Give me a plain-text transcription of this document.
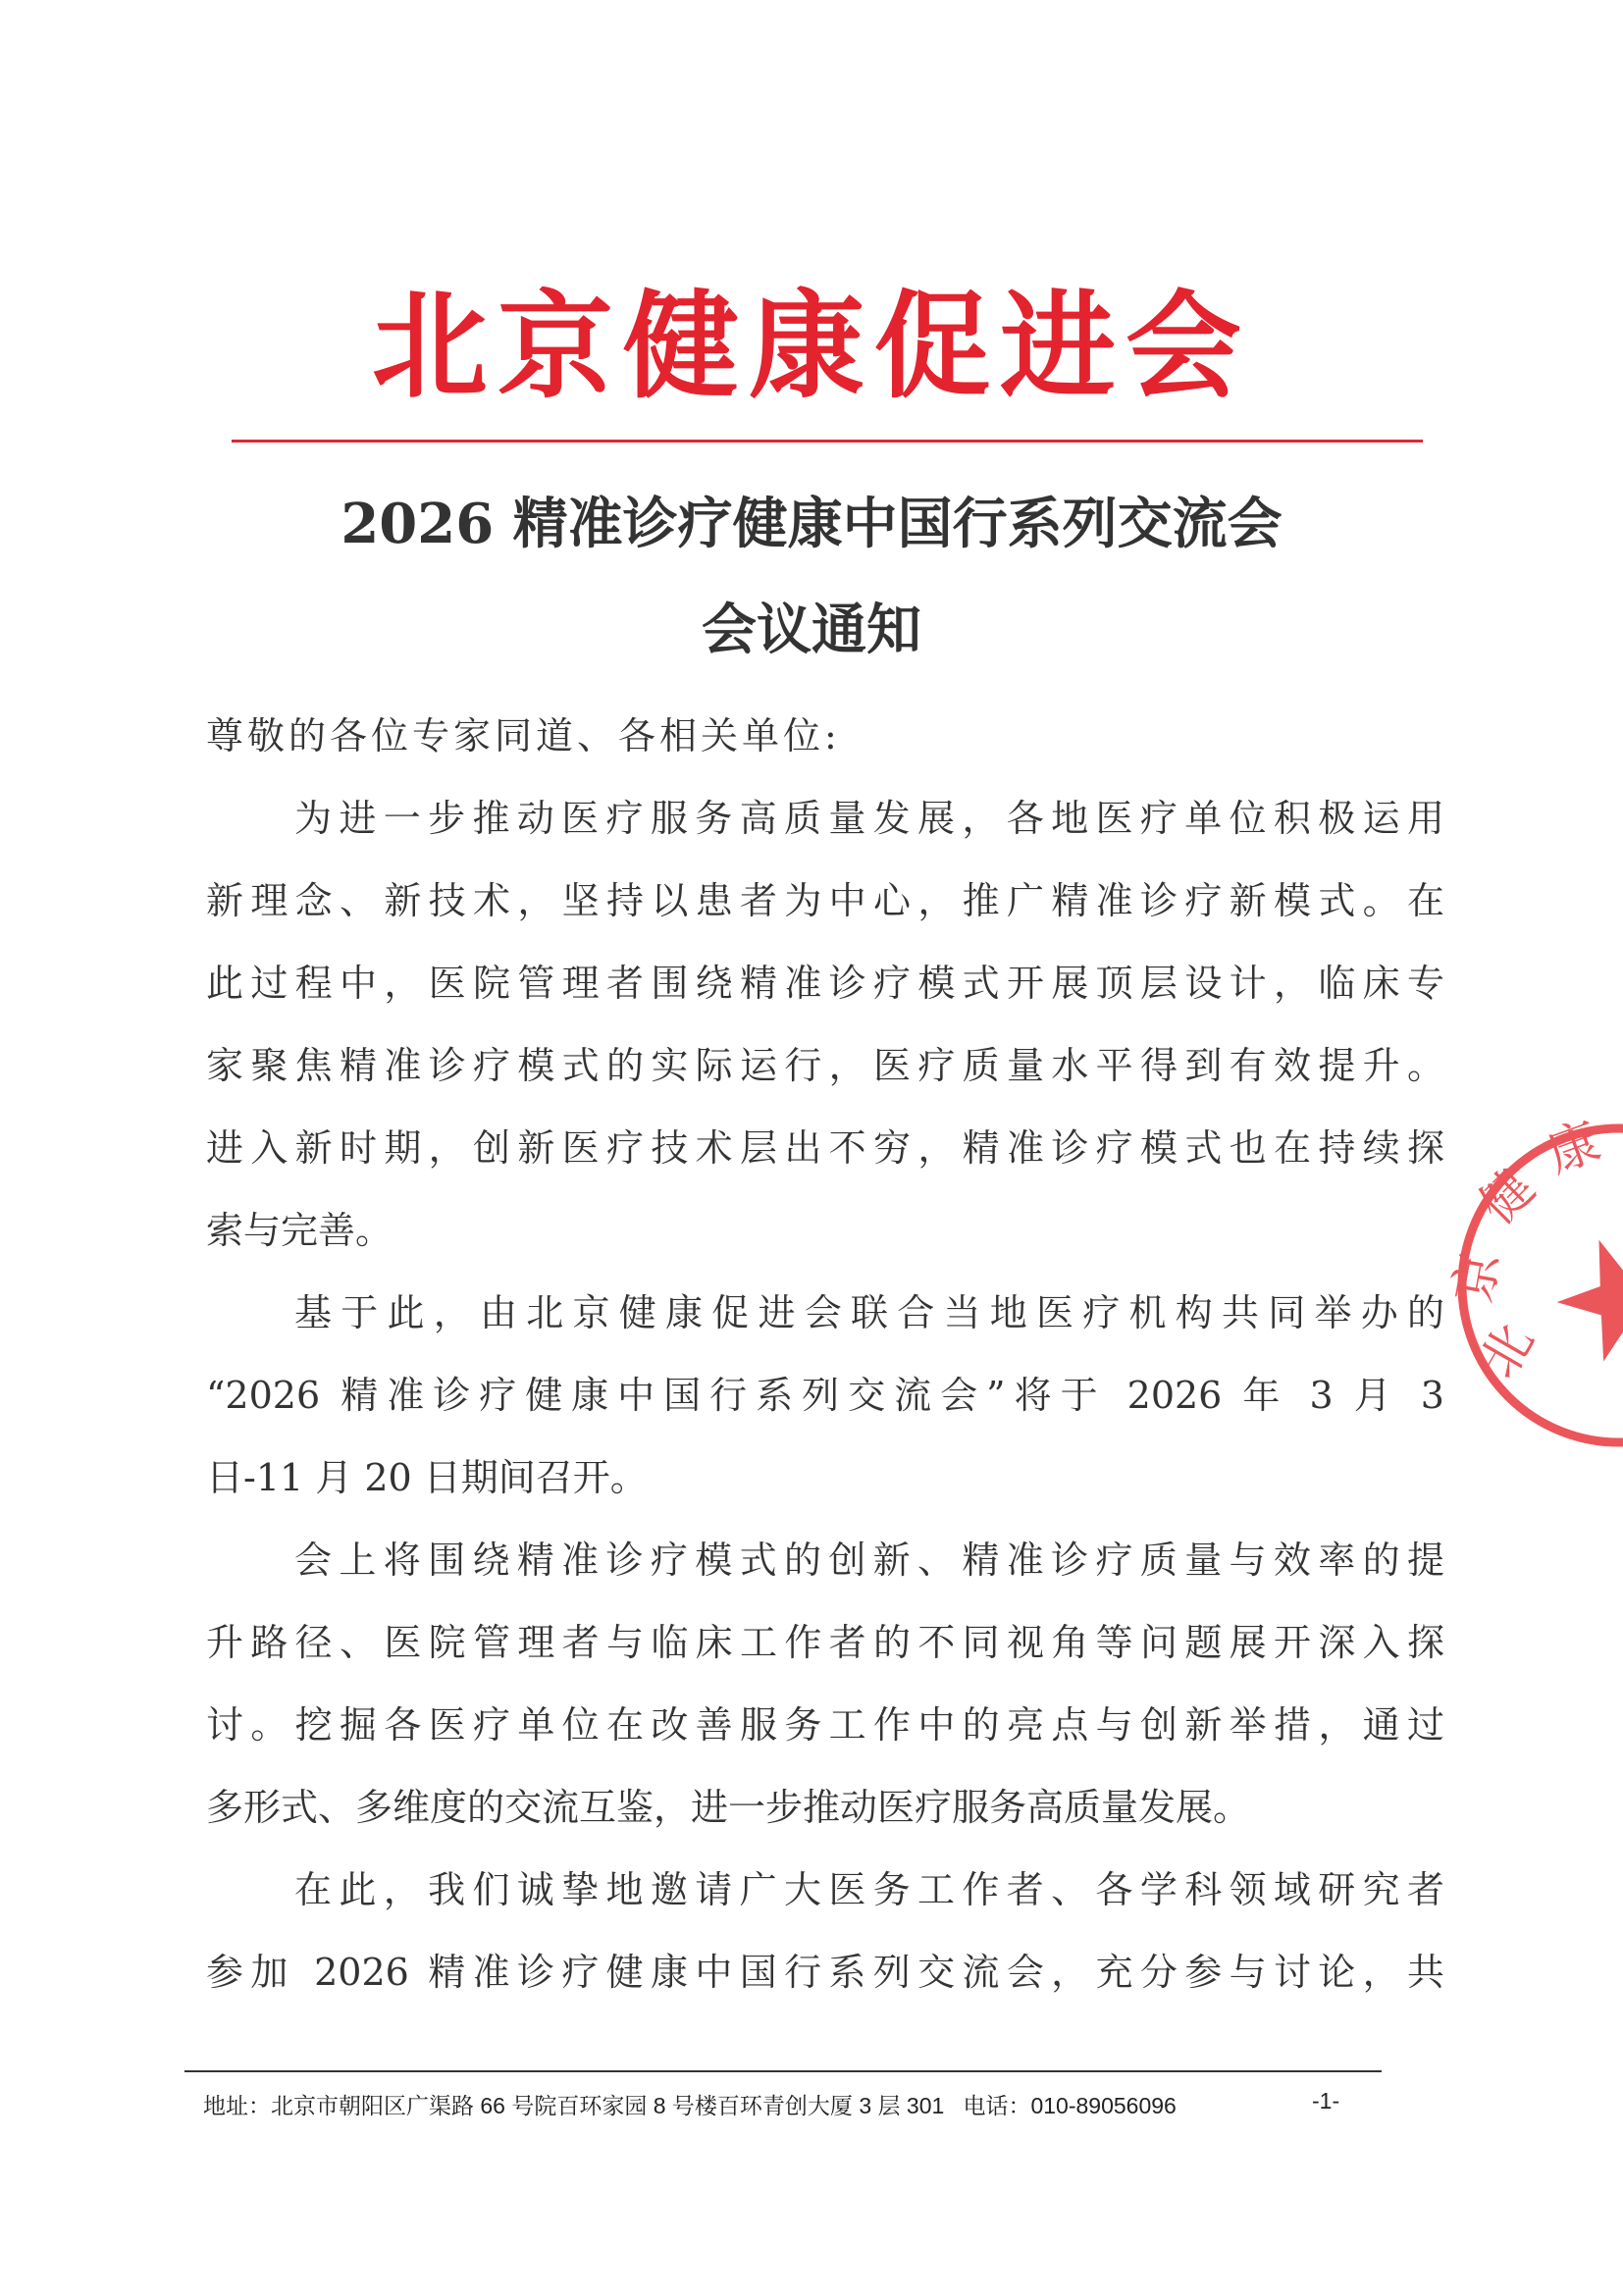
北京健康促进会
2026 精准诊疗健康中国行系列交流会
会议通知
尊敬的各位专家同道、各相关单位:
为进一步推动医疗服务高质量发展，各地医疗单位积极运用
新理念、新技术，坚持以患者为中心，推广精准诊疗新模式。在
此过程中，医院管理者围绕精准诊疗模式开展顶层设计，临床专
家聚焦精准诊疗模式的实际运行，医疗质量水平得到有效提升。
进入新时期，创新医疗技术层出不穷，精准诊疗模式也在持续探
索与完善。
基于此，由北京健康促进会联合当地医疗机构共同举办的
“2026 精准诊疗健康中国行系列交流会”将于 2026 年 3 月 3
日-11 月 20 日期间召开。
会上将围绕精准诊疗模式的创新、精准诊疗质量与效率的提
升路径、医院管理者与临床工作者的不同视角等问题展开深入探
讨。挖掘各医疗单位在改善服务工作中的亮点与创新举措，通过
多形式、多维度的交流互鉴，进一步推动医疗服务高质量发展。
在此，我们诚挚地邀请广大医务工作者、各学科领域研究者
参加 2026 精准诊疗健康中国行系列交流会，充分参与讨论，共
北
京
健
康
地址：北京市朝阳区广渠路 66 号院百环家园 8 号楼百环青创大厦 3 层 301 电话：010-89056096	-1-
